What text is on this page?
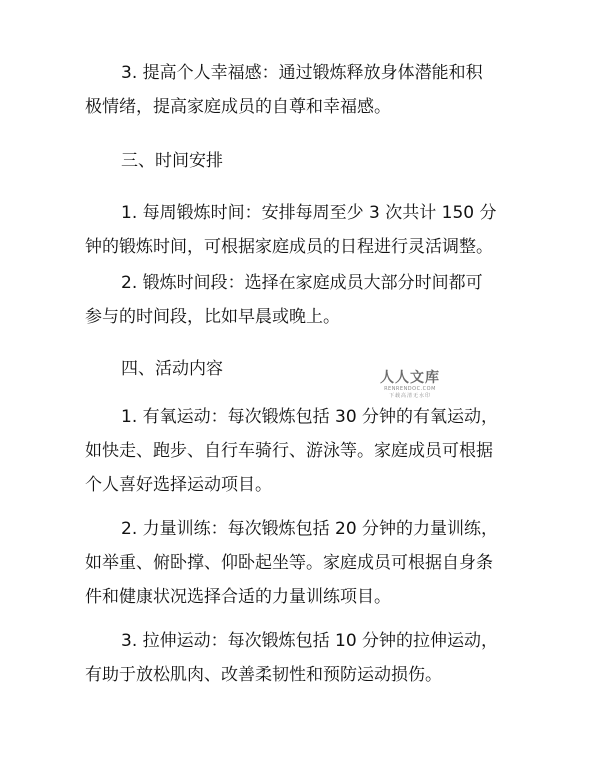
3. 提高个人幸福感：通过锻炼释放身体潜能和积
极情绪，提高家庭成员的自尊和幸福感。

三、时间安排

1. 每周锻炼时间：安排每周至少 3 次共计 150 分
钟的锻炼时间，可根据家庭成员的日程进行灵活调整。

2. 锻炼时间段：选择在家庭成员大部分时间都可
参与的时间段，比如早晨或晚上。

四、活动内容

1. 有氧运动：每次锻炼包括 30 分钟的有氧运动，
如快走、跑步、自行车骑行、游泳等。家庭成员可根据
个人喜好选择运动项目。

2. 力量训练：每次锻炼包括 20 分钟的力量训练，
如举重、俯卧撑、仰卧起坐等。家庭成员可根据自身条
件和健康状况选择合适的力量训练项目。

3. 拉伸运动：每次锻炼包括 10 分钟的拉伸运动，
有助于放松肌肉、改善柔韧性和预防运动损伤。

人人文库
RENRENDOC.COM
下载高清无水印
